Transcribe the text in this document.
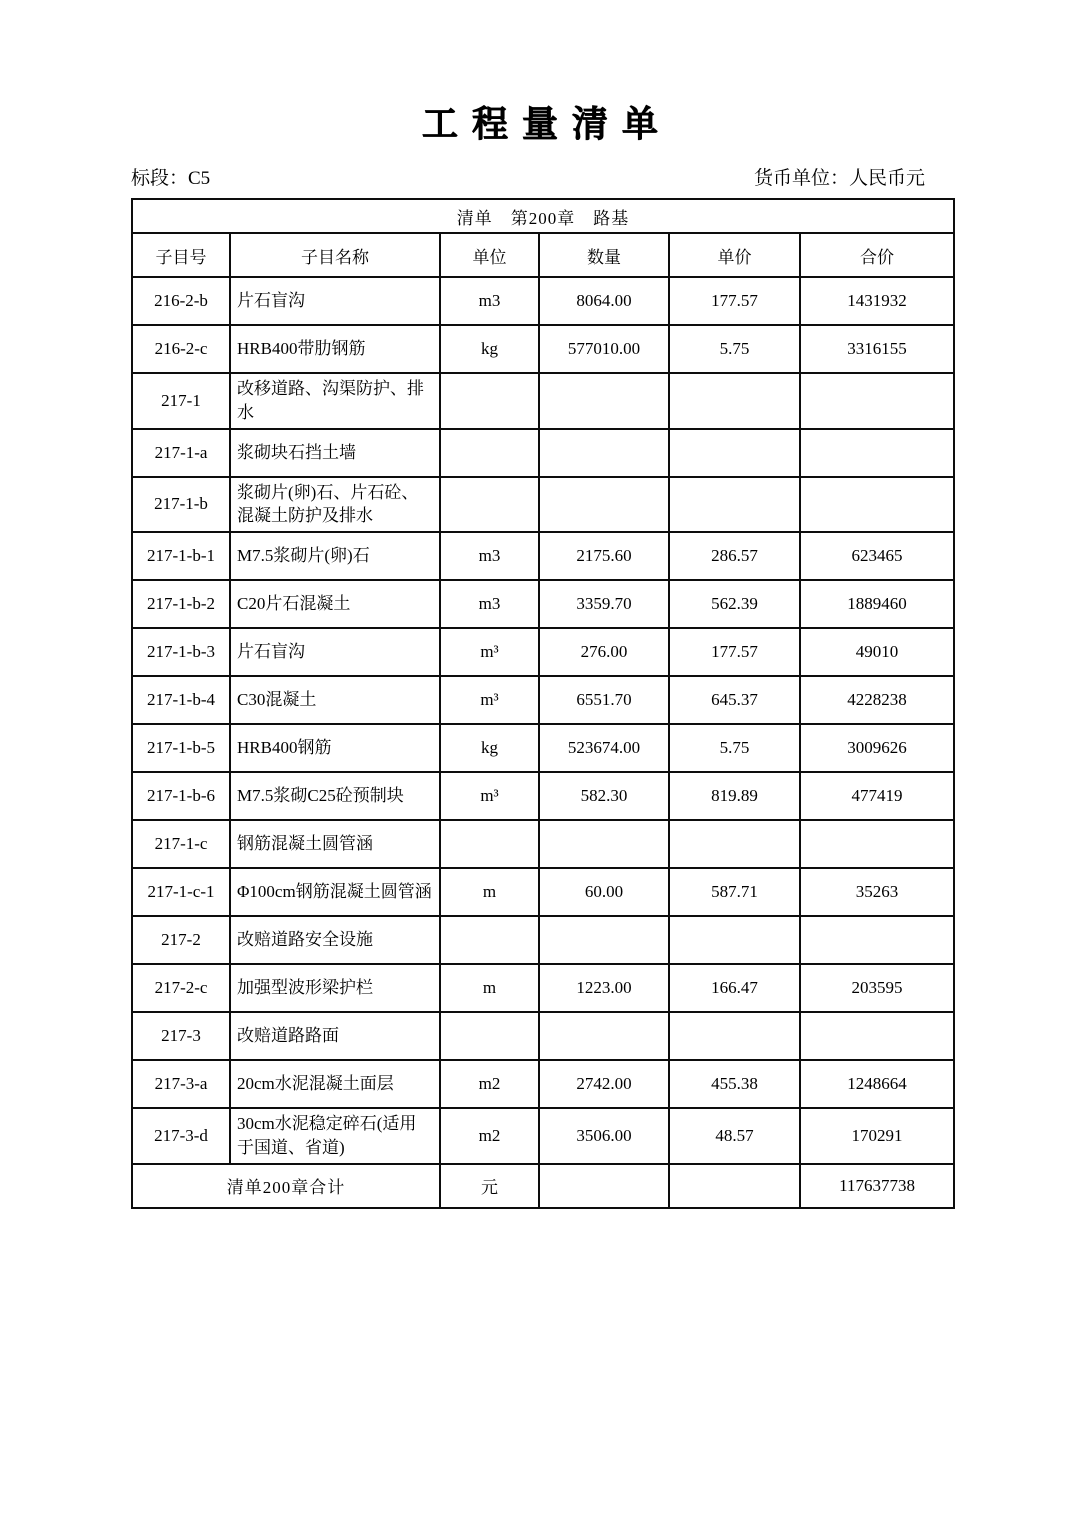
工程量清单
标段：C5	货币单位：人民币元
清单　第200章　路基					
子目号	子目名称	单位	数量	单价	合价
216-2-b	片石盲沟	m3	8064.00	177.57	1431932
216-2-c	HRB400带肋钢筋	kg	577010.00	5.75	3316155
217-1	改移道路、沟渠防护、排水				
217-1-a	浆砌块石挡土墙				
217-1-b	浆砌片(卵)石、片石砼、混凝土防护及排水				
217-1-b-1	M7.5浆砌片(卵)石	m3	2175.60	286.57	623465
217-1-b-2	C20片石混凝土	m3	3359.70	562.39	1889460
217-1-b-3	片石盲沟	m³	276.00	177.57	49010
217-1-b-4	C30混凝土	m³	6551.70	645.37	4228238
217-1-b-5	HRB400钢筋	kg	523674.00	5.75	3009626
217-1-b-6	M7.5浆砌C25砼预制块	m³	582.30	819.89	477419
217-1-c	钢筋混凝土圆管涵				
217-1-c-1	Φ100cm钢筋混凝土圆管涵	m	60.00	587.71	35263
217-2	改赔道路安全设施				
217-2-c	加强型波形梁护栏	m	1223.00	166.47	203595
217-3	改赔道路路面				
217-3-a	20cm水泥混凝土面层	m2	2742.00	455.38	1248664
217-3-d	30cm水泥稳定碎石(适用于国道、省道)	m2	3506.00	48.57	170291
清单200章合计		元			117637738
